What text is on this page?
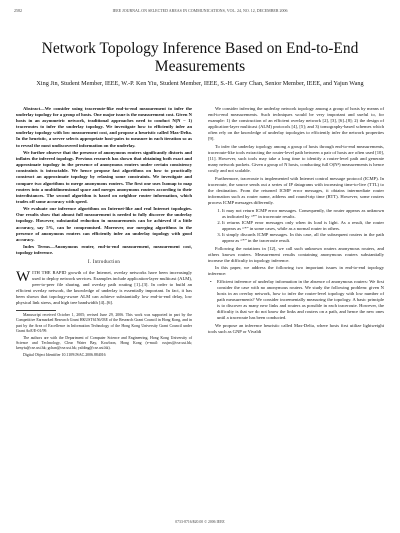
2582	IEEE JOURNAL ON SELECTED AREAS IN COMMUNICATIONS, VOL. 24, NO. 12, DECEMBER 2006
Network Topology Inference Based on End-to-End Measurements
Xing Jin, Student Member, IEEE, W.-P. Ken Yiu, Student Member, IEEE, S.-H. Gary Chan, Senior Member, IEEE, and Yajun Wang

Abstract—We consider using traceroute-like end-to-end measurement to infer the underlay topology for a group of hosts. One major issue is the measurement cost. Given N hosts in an asymmetric network, traditional approaches need to conduct N(N − 1) traceroutes to infer the underlay topology. We investigate how to efficiently infer an underlay topology with low measurement cost, and propose a heuristic called Max-Delta. In the heuristic, a server selects appropriate host-pairs to measure in each iteration so as to reveal the most undiscovered information on the underlay.

We further observe that the presence of anonymous routers significantly distorts and inflates the inferred topology. Previous research has shown that obtaining both exact and approximate topology in the presence of anonymous routers under certain consistency constraints is intractable. We hence propose fast algorithms on how to practically construct an approximate topology by relaxing some constraints. We investigate and compare two algorithms to merge anonymous routers. The first one uses Isomap to map routers into a multidimensional space and merges anonymous routers according to their interdistances. The second algorithm is based on neighbor router information, which trades off some accuracy with speed.

We evaluate our inference algorithms on Internet-like and real Internet topologies. Our results show that almost full measurement is needed to fully discover the underlay topology. However, substantial reduction in measurements can be achieved if a little accuracy, say 5%, can be compromised. Moreover, our merging algorithms in the presence of anonymous routers can efficiently infer an underlay topology with good accuracy.

Index Terms—Anonymous router, end-to-end measurement, measurement cost, topology inference.

I. Introduction

WITH THE RAPID growth of the Internet, overlay networks have been increasingly used to deploy network services. Examples include application-layer multicast (ALM), peer-to-peer file sharing, and overlay path routing [1]–[3]. In order to build an efficient overlay network, the knowledge of underlay is essentially important. In fact, it has been shown that topology-aware ALM can achieve substantially low end-to-end delay, low physical link stress, and high tree bandwidth [4]–[6].

Manuscript received October 1, 2005; revised June 29, 2006. This work was supported in part by the Competitive Earmarked Research Grant HKUST6156/03E of the Research Grant Council in Hong Kong, and in part by the Area of Excellence in Information Technology of the Hong Kong University Grant Council under Grant AoE/E-01/99.

The authors are with the Department of Computer Science and Engineering, Hong Kong University of Science and Technology, Clear Water Bay, Kowloon, Hong Kong (e-mail: csxjnx@cse.ust.hk; kenyiu@cse.ust.hk; gchan@cse.ust.hk; yalding@cse.ust.hk).

Digital Object Identifier 10.1109/JSAC.2006.884016

We consider inferring the underlay network topology among a group of hosts by means of end-to-end measurements. Such techniques would be very important and useful to, for example: 1) the construction of an efficient overlay network [2], [3], [6]–[8]; 2) the design of application-layer multicast (ALM) protocols [4], [5]; and 3) tomography-based schemes which often rely on the knowledge of underlay topologies to efficiently infer the network properties [9].

To infer the underlay topology among a group of hosts through end-to-end measurements, traceroute-like tools extracting the router-level path between a pair of hosts are often used [10], [11]. However, such tools may take a long time to identify a router-level path and generate many network packets. Given a group of N hosts, conducting full O(N²) measurements is hence costly and not scalable.

Furthermore, traceroute is implemented with Internet control message protocol (ICMP). In traceroute, the source sends out a series of IP datagrams with increasing time-to-live (TTL) to the destination. From the returned ICMP error messages, it obtains intermediate router information such as router name, address and round-trip time (RTT). However, some routers process ICMP messages differently.

1. It may not return ICMP error messages. Consequently, the router appears as unknown as indicated by “*” in traceroute results.
2. It returns ICMP error messages only when its load is light. As a result, the router appears as “*” in some cases, while as a normal router in others.
3. It simply discards ICMP messages. In this case, all the subsequent routers in the path appear as “*” in the traceroute result.

Following the notations in [12], we call such unknown routers anonymous routers, and others known routers. Measurement results containing anonymous routers substantially increase the difficulty in topology inference.

In this paper, we address the following two important issues in end-to-end topology inference:

• Efficient inference of underlay information in the absence of anonymous routers: We first consider the case with no anonymous routers. We study the following problem: given N hosts in an overlay network, how to infer the router-level topology with low number of path measurements? We consider incrementally measuring the topology. A basic principle is to discover as many new links and routers as possible in each traceroute. However, the difficulty is that we do not know the links and routers on a path, and hence the new ones until a traceroute has been conducted.

We propose an inference heuristic called Max-Delta, where hosts first utilize lightweight tools such as GNP or Vivaldi

0733-8716/$20.00 © 2006 IEEE
